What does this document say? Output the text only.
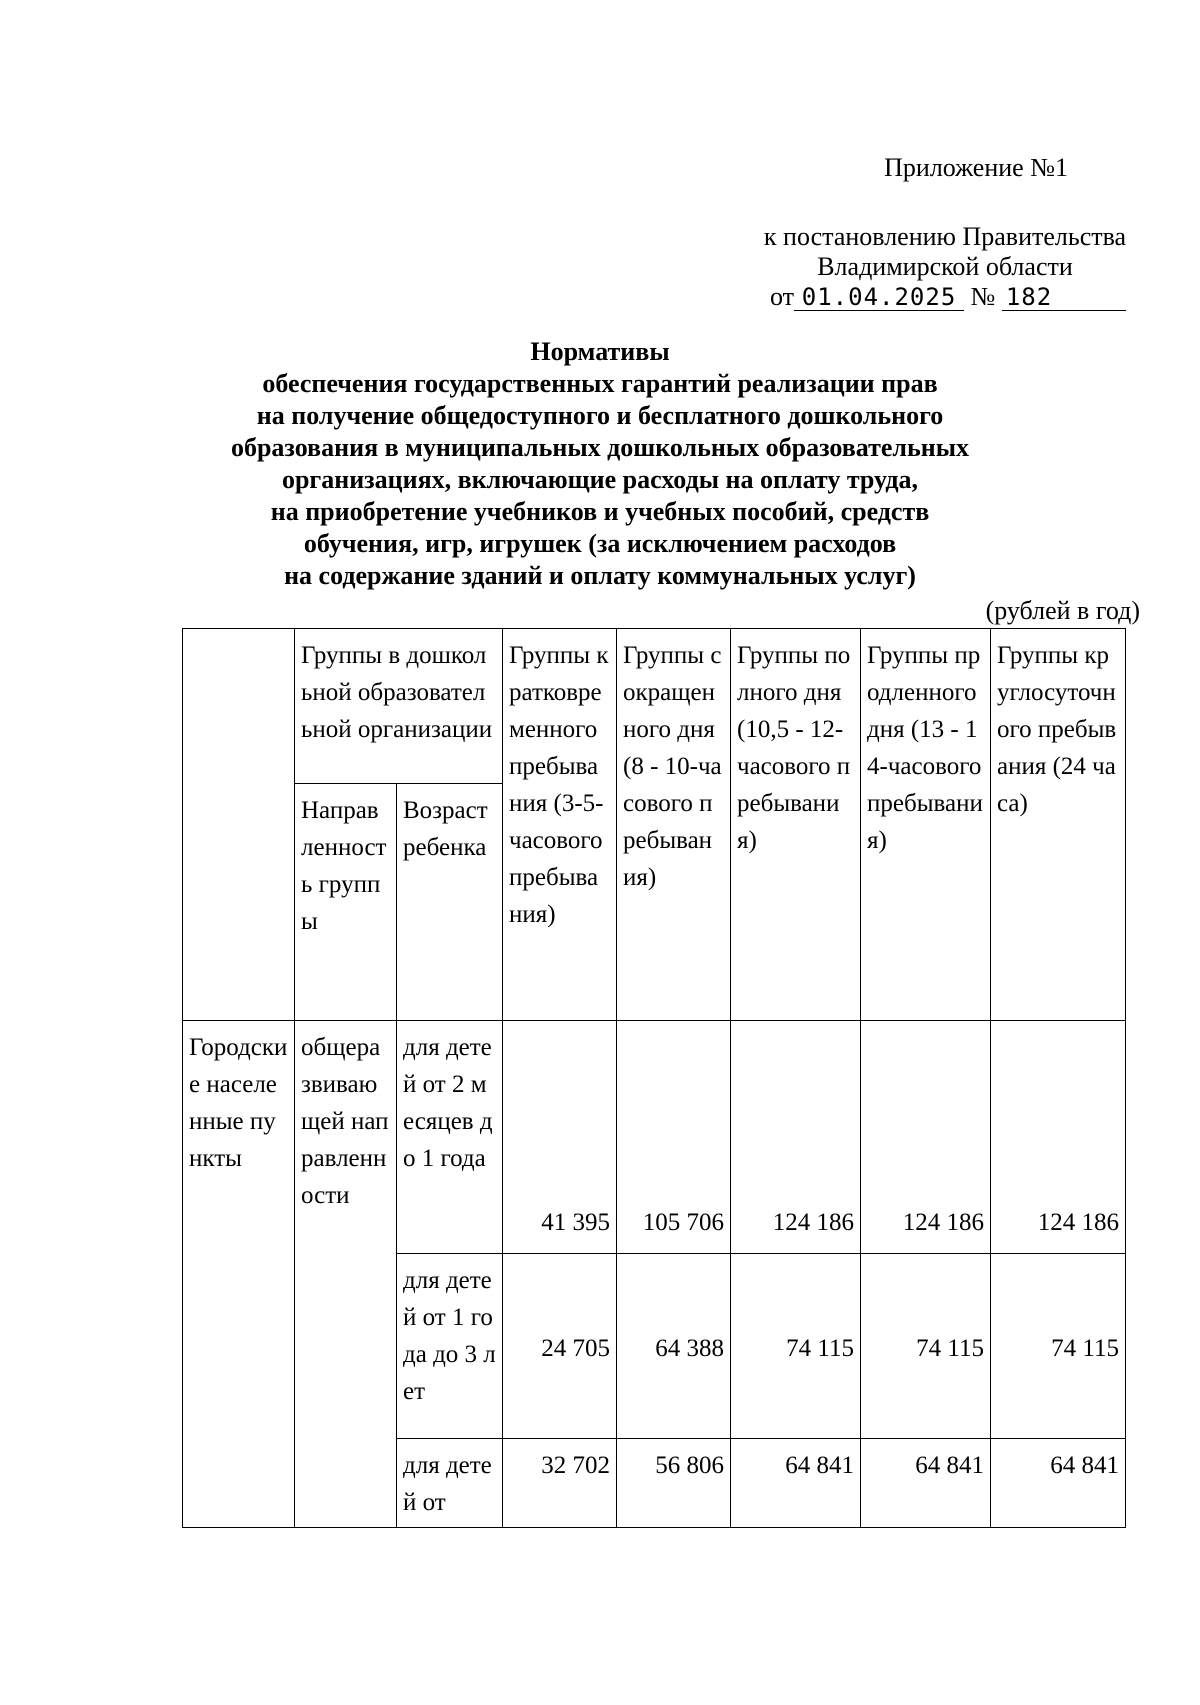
Приложение №1
к постановлению Правительства
Владимирской области
от 01.04.2025 № 182
Нормативы
обеспечения государственных гарантий реализации прав
на получение общедоступного и бесплатного дошкольного
образования в муниципальных дошкольных образовательных
организациях, включающие расходы на оплату труда,
на приобретение учебников и учебных пособий, средств
обучения, игр, игрушек (за исключением расходов
на содержание зданий и оплату коммунальных услуг)
(рублей в год)
	Группы в дошкольной образовательной организации		Группы кратковременного пребывания (3-5-часового пребывания)	Группы сокращенного дня (8 - 10-часового пребывания)	Группы полного дня (10,5 - 12-часового пребывания)	Группы продленного дня (13 - 14-часового пребывания)	Группы круглосуточного пребывания (24 часа)
	Направленность группы	Возраст ребенка					
Городские населенные пункты	общеразвивающей направленности	для детей от 2 месяцев до 1 года	41 395	105 706	124 186	124 186	124 186
		для детей от 1 года до 3 лет	24 705	64 388	74 115	74 115	74 115
		для детей от	32 702	56 806	64 841	64 841	64 841
